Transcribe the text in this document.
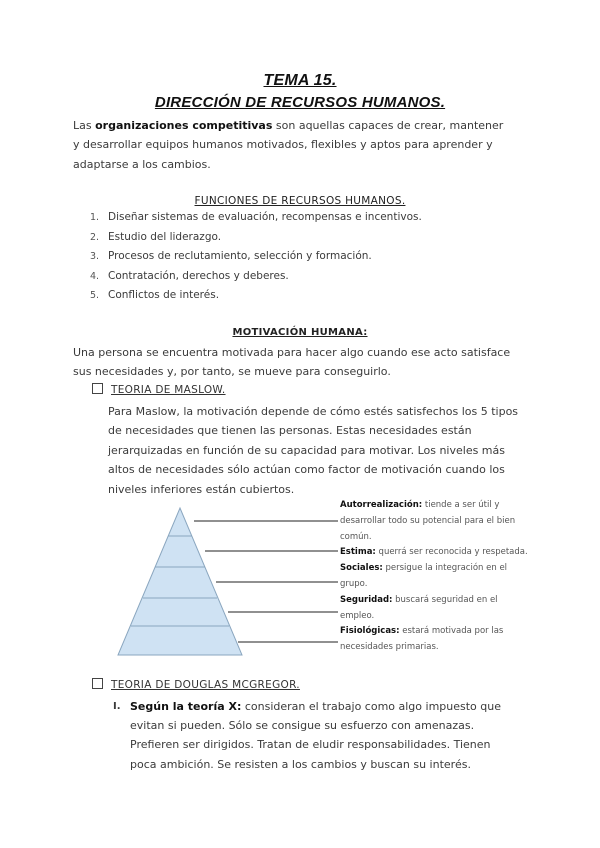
TEMA 15.
DIRECCIÓN DE RECURSOS HUMANOS.
Las organizaciones competitivas son aquellas capaces de crear, mantener y desarrollar equipos humanos motivados, flexibles y aptos para aprender y adaptarse a los cambios.
FUNCIONES DE RECURSOS HUMANOS.
1. Diseñar sistemas de evaluación, recompensas e incentivos.
2. Estudio del liderazgo.
3. Procesos de reclutamiento, selección y formación.
4. Contratación, derechos y deberes.
5. Conflictos de interés.
MOTIVACIÓN HUMANA:
Una persona se encuentra motivada para hacer algo cuando ese acto satisface sus necesidades y, por tanto, se mueve para conseguirlo.
TEORIA DE MASLOW.
Para Maslow, la motivación depende de cómo estés satisfechos los 5 tipos de necesidades que tienen las personas. Estas necesidades están jerarquizadas en función de su capacidad para motivar. Los niveles más altos de necesidades sólo actúan como factor de motivación cuando los niveles inferiores están cubiertos.
Autorrealización: tiende a ser útil y desarrollar todo su potencial para el bien común.
Estima: querrá ser reconocida y respetada.
Sociales: persigue la integración en el grupo.
Seguridad: buscará seguridad en el empleo.
Fisiológicas: estará motivada por las necesidades primarias.
TEORIA DE DOUGLAS MCGREGOR.
I. Según la teoría X: consideran el trabajo como algo impuesto que evitan si pueden. Sólo se consigue su esfuerzo con amenazas. Prefieren ser dirigidos. Tratan de eludir responsabilidades. Tienen poca ambición. Se resisten a los cambios y buscan su interés.
